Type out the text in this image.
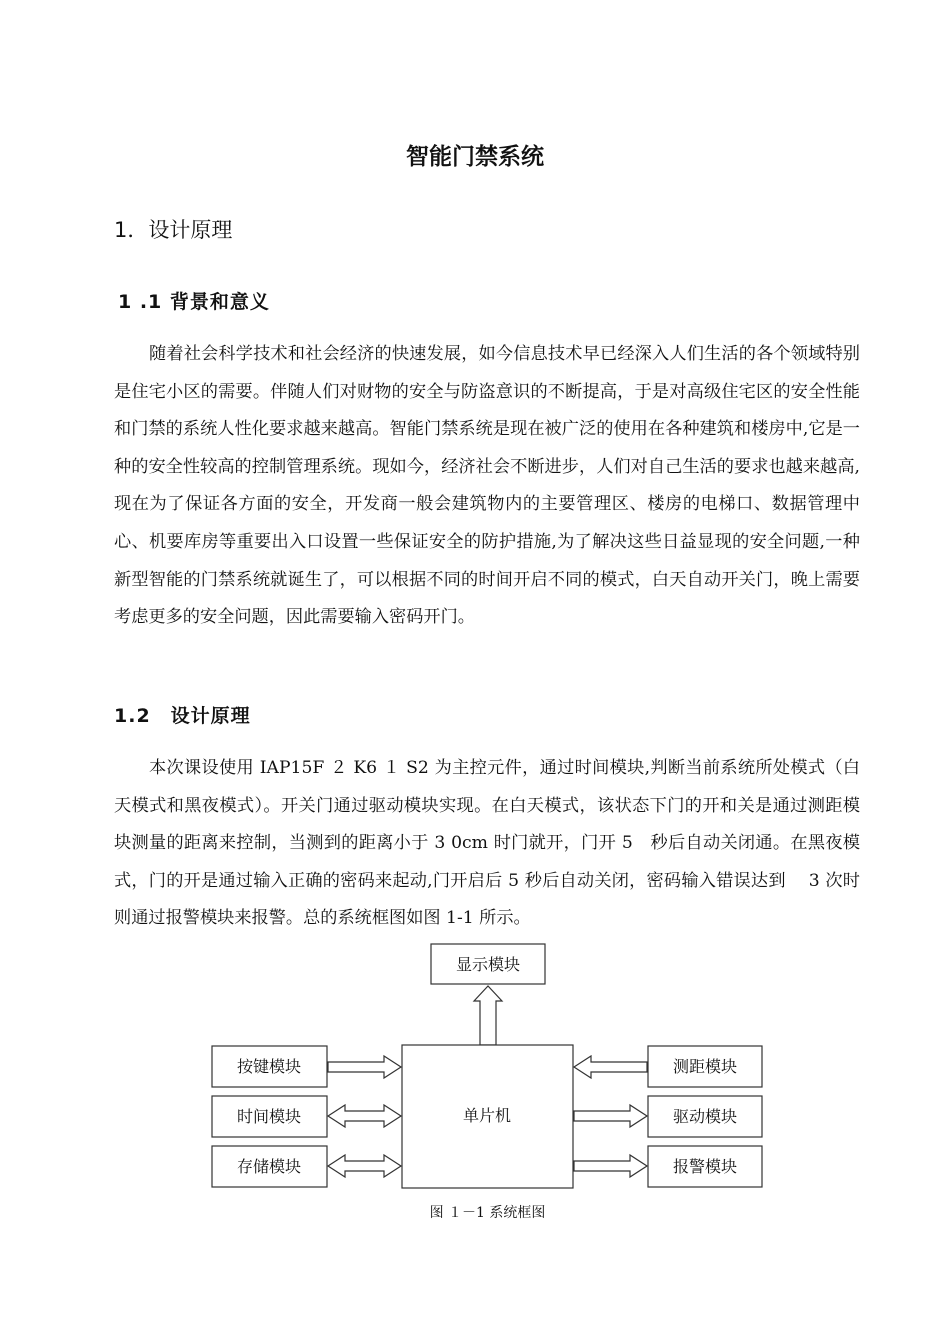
智能门禁系统
1．设计原理
1 .1 背景和意义

随着社会科学技术和社会经济的快速发展，如今信息技术早已经深入人们生活的各个领域特别是住宅小区的需要。伴随人们对财物的安全与防盗意识的不断提高，于是对高级住宅区的安全性能和门禁的系统人性化要求越来越高。智能门禁系统是现在被广泛的使用在各种建筑和楼房中,它是一种的安全性较高的控制管理系统。现如今，经济社会不断进步，人们对自己生活的要求也越来越高,现在为了保证各方面的安全，开发商一般会建筑物内的主要管理区、楼房的电梯口、数据管理中心、机要库房等重要出入口设置一些保证安全的防护措施,为了解决这些日益显现的安全问题,一种新型智能的门禁系统就诞生了，可以根据不同的时间开启不同的模式，白天自动开关门，晚上需要考虑更多的安全问题，因此需要输入密码开门。

1.2　设计原理

本次课设使用 IAP15F ２ K6 １ S2 为主控元件，通过时间模块,判断当前系统所处模式（白天模式和黑夜模式）。开关门通过驱动模块实现。在白天模式，该状态下门的开和关是通过测距模块测量的距离来控制，当测到的距离小于 3 0cm 时门就开，门开 5　秒后自动关闭通。在黑夜模式，门的开是通过输入正确的密码来起动,门开启后 5 秒后自动关闭，密码输入错误达到　 3 次时则通过报警模块来报警。总的系统框图如图 1-1 所示。

显示模块
单片机
按键模块
时间模块
存储模块
测距模块
驱动模块
报警模块
图 １－1 系统框图
